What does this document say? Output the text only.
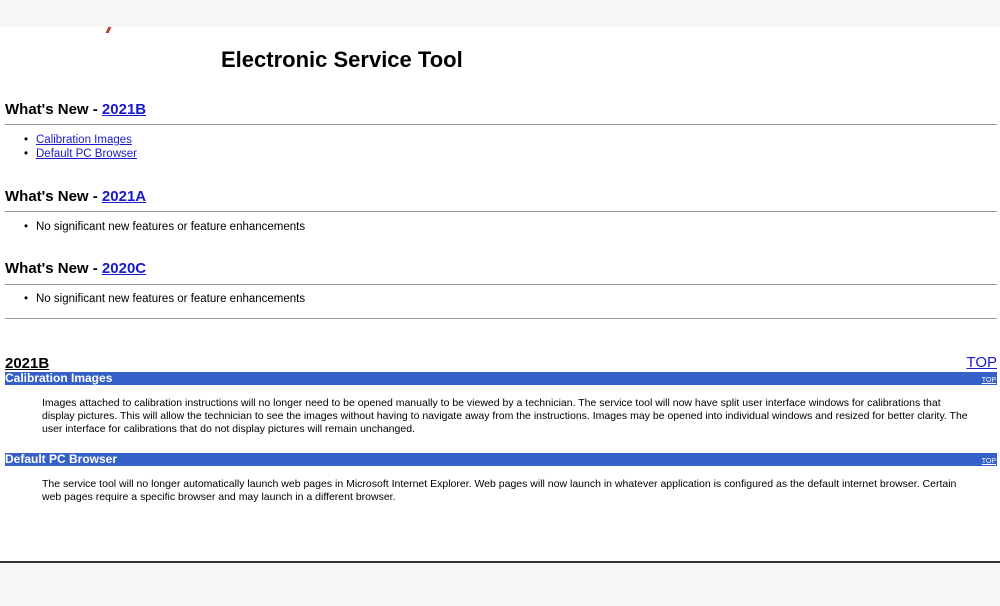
Electronic Service Tool
What's New - 2021B
• Calibration Images
• Default PC Browser
What's New - 2021A
• No significant new features or feature enhancements
What's New - 2020C
• No significant new features or feature enhancements
2021B	TOP
Calibration Images	TOP

Images attached to calibration instructions will no longer need to be opened manually to be viewed by a technician. The service tool will now have split user interface windows for calibrations that display pictures. This will allow the technician to see the images without having to navigate away from the instructions. Images may be opened into individual windows and resized for better clarity. The user interface for calibrations that do not display pictures will remain unchanged.

Default PC Browser	TOP

The service tool will no longer automatically launch web pages in Microsoft Internet Explorer. Web pages will now launch in whatever application is configured as the default internet browser. Certain web pages require a specific browser and may launch in a different browser.
